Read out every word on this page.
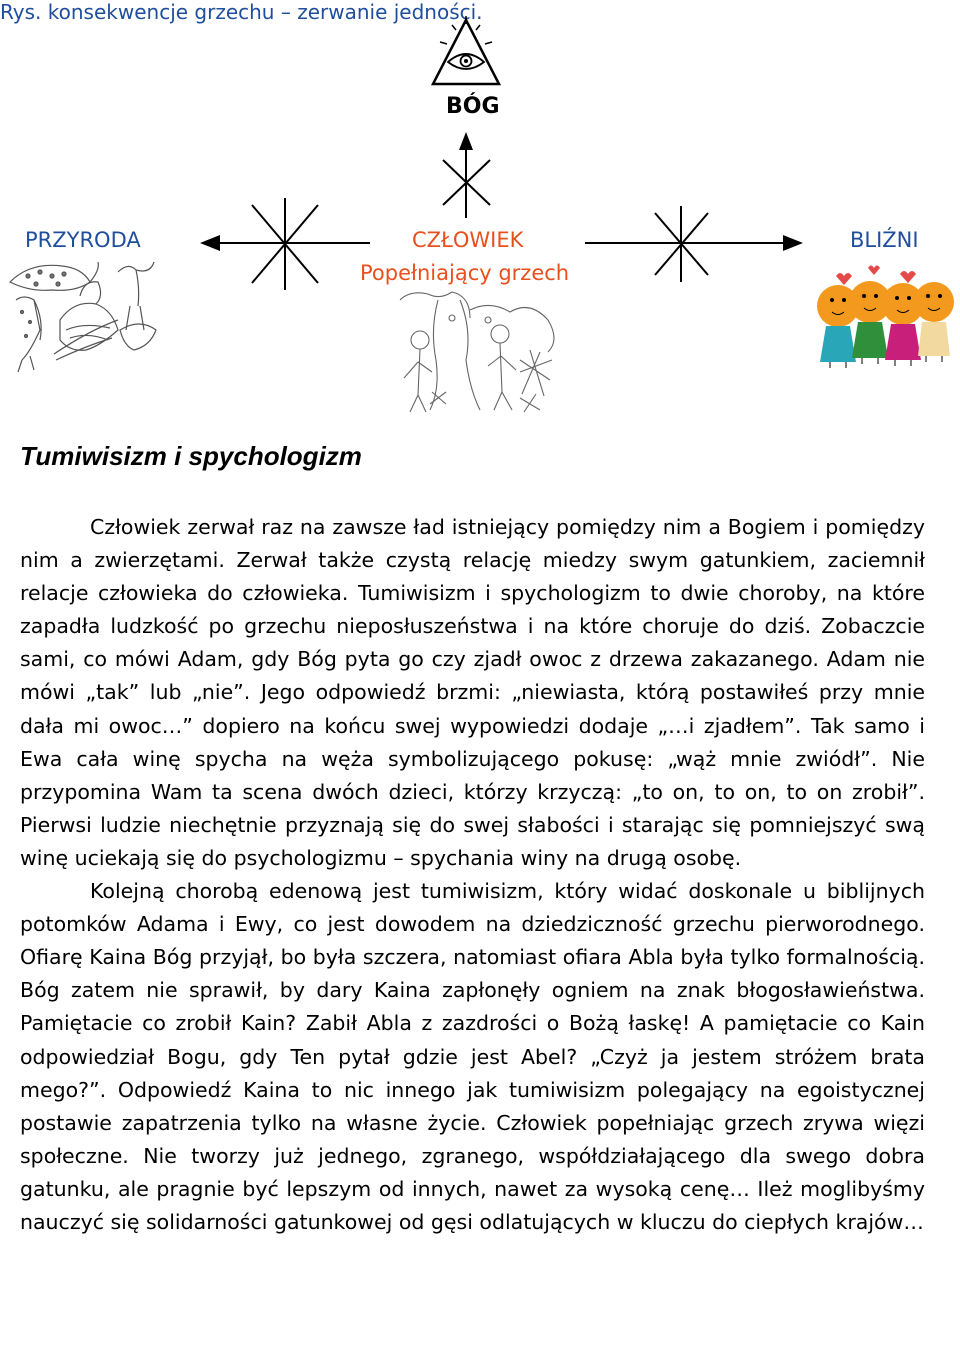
Rys. konsekwencje grzechu – zerwanie jedności.
BÓG
PRZYRODA	CZŁOWIEK
Popełniający grzech
BLIŹNI
Tumiwisizm i spychologizm

Człowiek zerwał raz na zawsze ład istniejący pomiędzy nim a Bogiem i pomiędzy nim a zwierzętami. Zerwał także czystą relację miedzy swym gatunkiem, zaciemnił relacje człowieka do człowieka. Tumiwisizm i spychologizm to dwie choroby, na które zapadła ludzkość po grzechu nieposłuszeństwa i na które choruje do dziś. Zobaczcie sami, co mówi Adam, gdy Bóg pyta go czy zjadł owoc z drzewa zakazanego. Adam nie mówi „tak” lub „nie”. Jego odpowiedź brzmi: „niewiasta, którą postawiłeś przy mnie dała mi owoc…” dopiero na końcu swej wypowiedzi dodaje „…i zjadłem”. Tak samo i Ewa cała winę spycha na węża symbolizującego pokusę: „wąż mnie zwiódł”. Nie przypomina Wam ta scena dwóch dzieci, którzy krzyczą: „to on, to on, to on zrobił”. Pierwsi ludzie niechętnie przyznają się do swej słabości i starając się pomniejszyć swą winę uciekają się do psychologizmu – spychania winy na drugą osobę.

Kolejną chorobą edenową jest tumiwisizm, który widać doskonale u biblijnych potomków Adama i Ewy, co jest dowodem na dziedziczność grzechu pierworodnego. Ofiarę Kaina Bóg przyjął, bo była szczera, natomiast ofiara Abla była tylko formalnością. Bóg zatem nie sprawił, by dary Kaina zapłonęły ogniem na znak błogosławieństwa. Pamiętacie co zrobił Kain? Zabił Abla z zazdrości o Bożą łaskę! A pamiętacie co Kain odpowiedział Bogu, gdy Ten pytał gdzie jest Abel? „Czyż ja jestem stróżem brata mego?”. Odpowiedź Kaina to nic innego jak tumiwisizm polegający na egoistycznej postawie zapatrzenia tylko na własne życie. Człowiek popełniając grzech zrywa więzi społeczne. Nie tworzy już jednego, zgranego, współdziałającego dla swego dobra gatunku, ale pragnie być lepszym od innych, nawet za wysoką cenę… Ileż moglibyśmy nauczyć się solidarności gatunkowej od gęsi odlatujących w kluczu do ciepłych krajów…
